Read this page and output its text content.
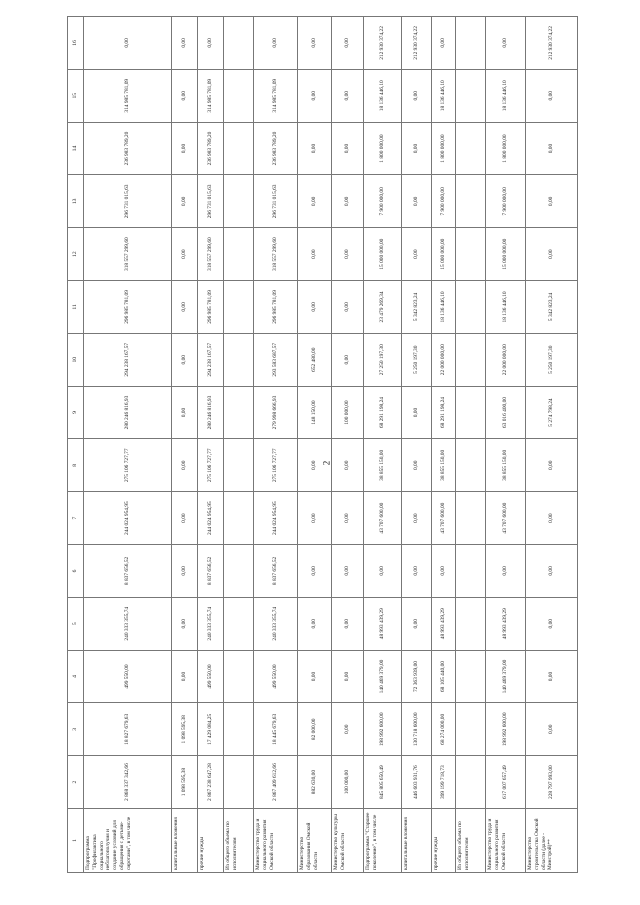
2
1	2	3	4	5	6	7	8	9	10	11	12	13	14	15	16
Подпрограмма "Профилактика социального неблагополучия и создание условий для обращения с детьми-сиротами", в том числе	2 868 337 342,66	18 827 679,63	499 550,00	240 333 355,74	8 837 656,52	244 024 954,95	275 106 727,77	280 246 816,93	294 238 167,57	296 985 781,09	318 557 299,60	296 731 015,63	236 983 789,20	314 985 781,09	0,00
капитальные вложения	1 098 595,38	1 098 595,38	0,00	0,00	0,00	0,00	0,00	0,00	0,00	0,00	0,00	0,00	0,00	0,00	0,00
прочие нужды	2 867 238 647,28	17 429 084,25	499 550,00	240 333 355,74	8 837 656,52	244 024 954,95	275 106 727,77	280 246 816,93	294 238 167,57	296 985 781,09	318 557 299,60	296 731 015,63	236 983 789,20	314 985 781,09	0,00
Из общего объема по исполнителям															
Министерство труда и социального развития Омской области	2 867 409 612,66	18 445 679,63	499 550,00	240 333 355,74	8 837 656,52	244 024 954,95	275 106 727,77	279 998 666,93	293 583 687,57	296 985 781,09	318 557 299,60	296 731 015,63	236 983 789,20	314 985 781,09	0,00
Министерство образования Омской области	882 630,00	82 000,00	0,00	0,00	0,00	0,00	0,00	148 150,00	652 480,00	0,00	0,00	0,00	0,00	0,00	0,00
Министерство культуры Омской области	100 000,00	0,00	0,00	0,00	0,00	0,00	0,00	100 000,00	0,00	0,00	0,00	0,00	0,00	0,00	0,00
Подпрограмма "Старшее поколение", в том числе	845 805 650,49	198 992 600,00	140 469 379,00	48 993 439,29	0,00	43 707 600,00	38 855 150,00	68 291 198,24	27 250 197,30	23 479 269,34	15 000 000,00	7 900 000,00	1 800 000,00	18 136 446,10	212 930 374,22
капитальные вложения	446 603 931,76	130 718 600,00	72 363 939,00	0,00	0,00	0,00	0,00	0,00	5 250 197,30	5 342 823,24	0,00	0,00	0,00	0,00	212 930 374,22
прочие нужды	399 199 718,73	68 274 000,00	68 105 440,00	48 993 439,29	0,00	43 707 600,00	38 855 150,00	68 291 198,24	22 000 000,00	18 136 446,10	15 000 000,00	7 900 000,00	1 800 000,00	18 136 446,10	0,00
Из общего объема по исполнителям															
Министерство труда и социального развития Омской области	617 007 657,49	198 992 600,00	140 469 379,00	48 993 439,29	0,00	43 707 600,00	38 855 150,00	63 016 400,00	22 000 000,00	18 136 446,10	15 000 000,00	7 900 000,00	1 800 000,00	18 136 446,10	0,00
Министерство строительства Омской области (далее - Минстрой)**	228 797 993,00	0,00	0,00	0,00	0,00	0,00	0,00	5 274 798,24	5 250 197,30	5 342 823,24	0,00	0,00	0,00	0,00	212 930 374,22
